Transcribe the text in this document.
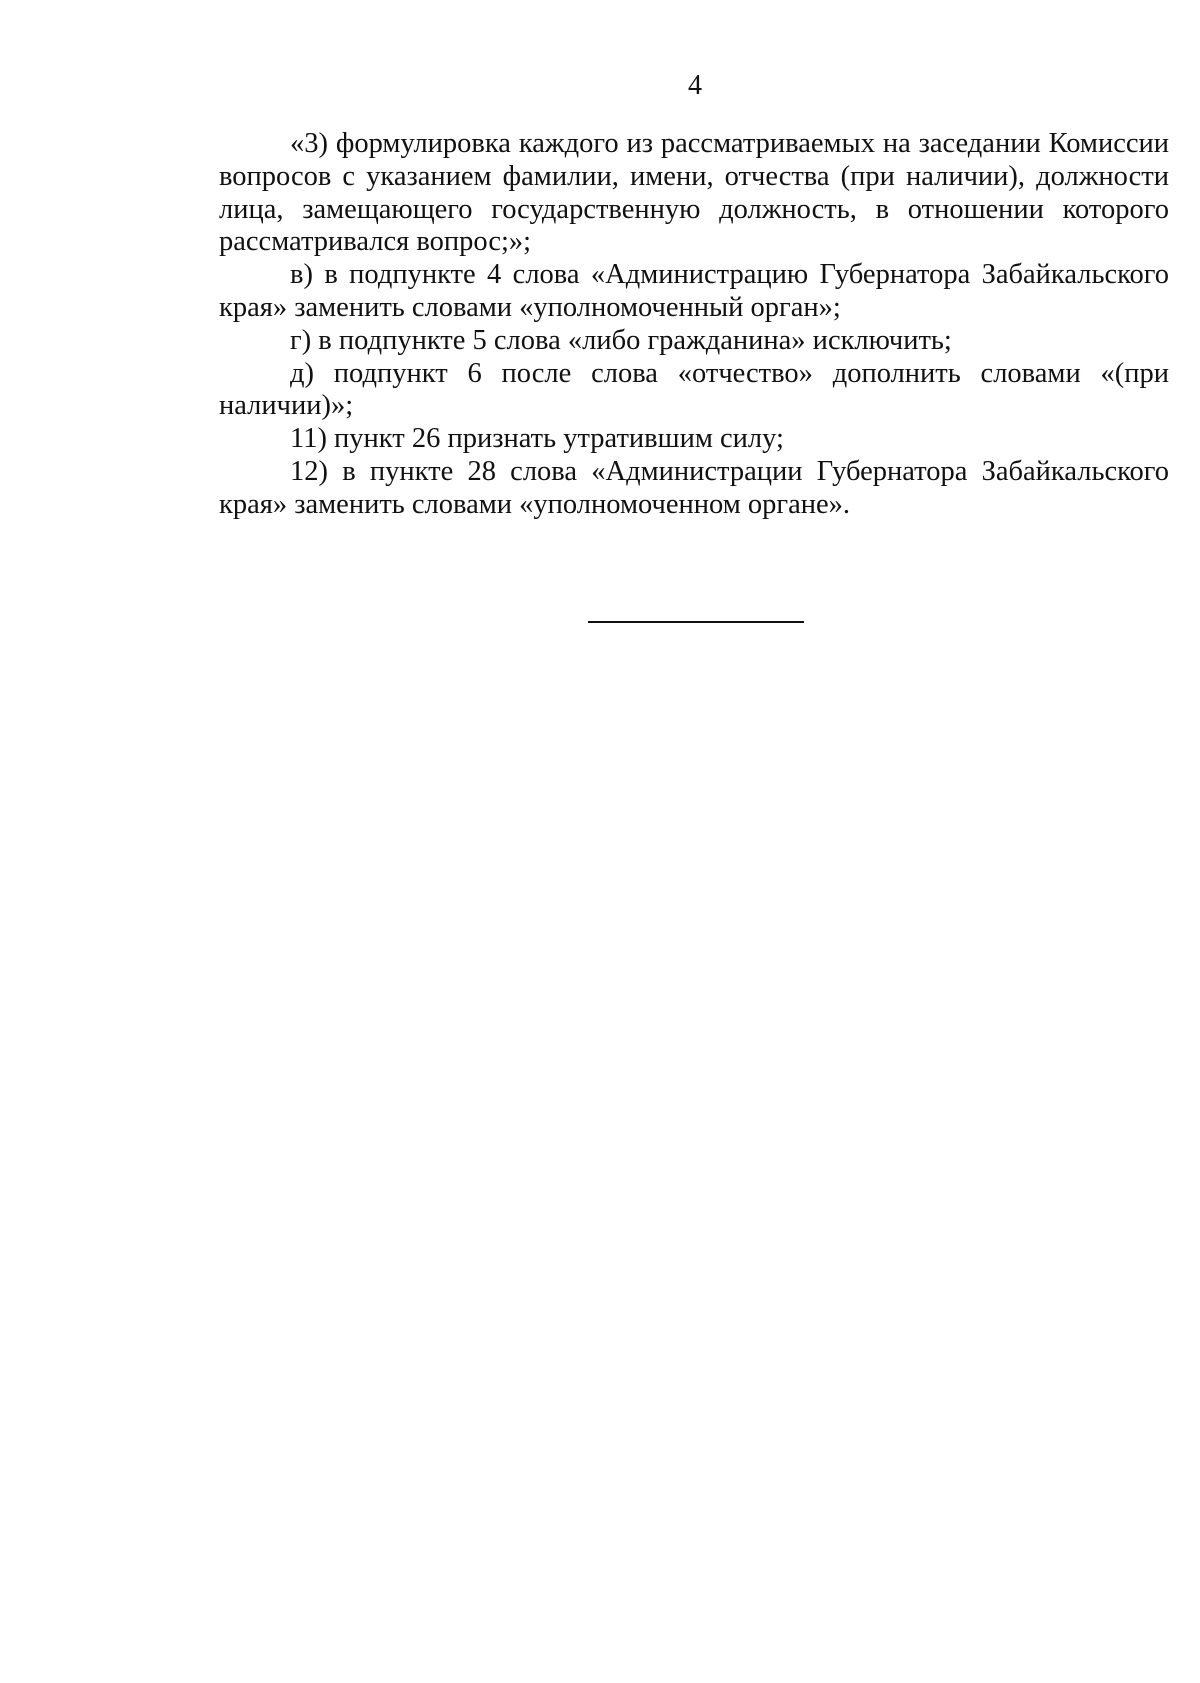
4

«3) формулировка каждого из рассматриваемых на заседании Комиссии вопросов с указанием фамилии, имени, отчества (при наличии), должности лица, замещающего государственную должность, в отношении которого рассматривался вопрос;»;

в) в подпункте 4 слова «Администрацию Губернатора Забайкальского края» заменить словами «уполномоченный орган»;

г) в подпункте 5 слова «либо гражданина» исключить;

д) подпункт 6 после слова «отчество» дополнить словами «(при наличии)»;

11) пункт 26 признать утратившим силу;

12) в пункте 28 слова «Администрации Губернатора Забайкальского края» заменить словами «уполномоченном органе».
